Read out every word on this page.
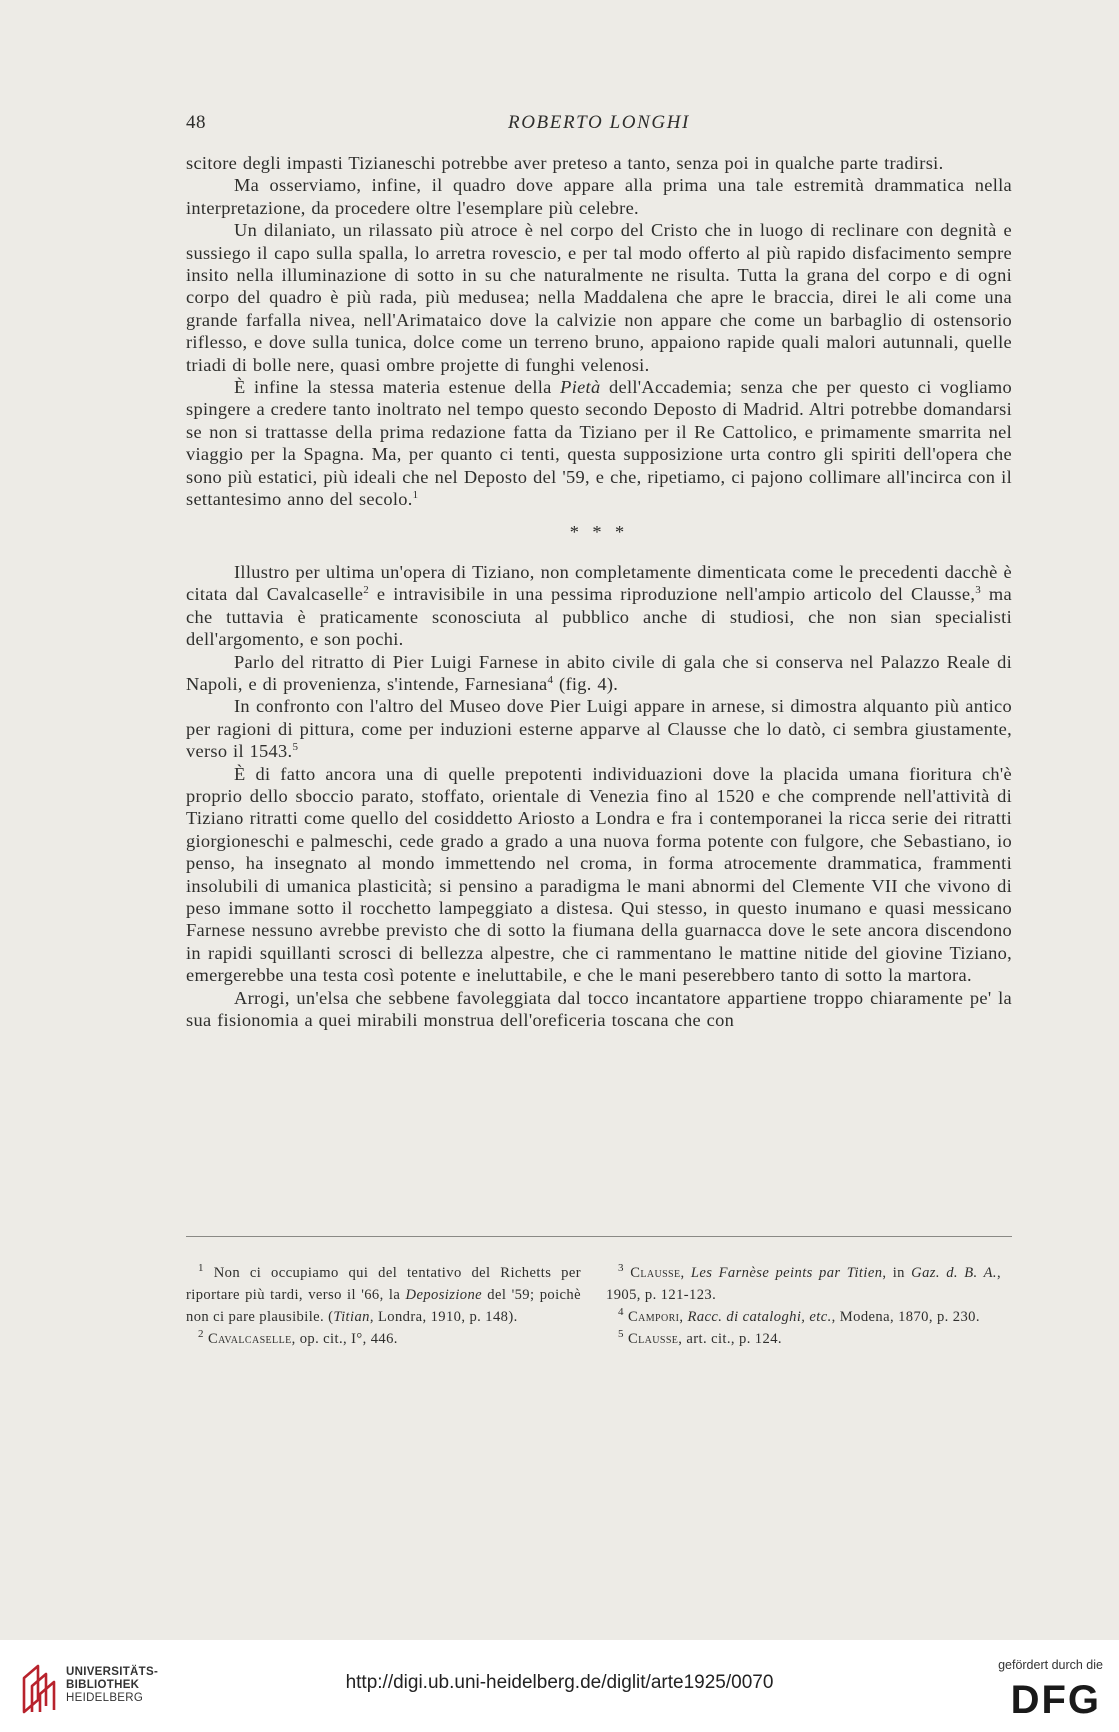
48	ROBERTO LONGHI

scitore degli impasti Tizianeschi potrebbe aver preteso a tanto, senza poi in qualche parte tradirsi.

Ma osserviamo, infine, il quadro dove appare alla prima una tale estremità drammatica nella interpretazione, da procedere oltre l'esemplare più celebre.

Un dilaniato, un rilassato più atroce è nel corpo del Cristo che in luogo di reclinare con degnità e sussiego il capo sulla spalla, lo arretra rovescio, e per tal modo offerto al più rapido disfacimento sempre insito nella illuminazione di sotto in su che naturalmente ne risulta. Tutta la grana del corpo e di ogni corpo del quadro è più rada, più medusea; nella Maddalena che apre le braccia, direi le ali come una grande farfalla nivea, nell'Arimataico dove la calvizie non appare che come un barbaglio di ostensorio riflesso, e dove sulla tunica, dolce come un terreno bruno, appaiono rapide quali malori autunnali, quelle triadi di bolle nere, quasi ombre projette di funghi velenosi.

È infine la stessa materia estenue della Pietà dell'Accademia; senza che per questo ci vogliamo spingere a credere tanto inoltrato nel tempo questo secondo Deposto di Madrid. Altri potrebbe domandarsi se non si trattasse della prima redazione fatta da Tiziano per il Re Cattolico, e primamente smarrita nel viaggio per la Spagna. Ma, per quanto ci tenti, questa supposizione urta contro gli spiriti dell'opera che sono più estatici, più ideali che nel Deposto del '59, e che, ripetiamo, ci pajono collimare all'incirca con il settantesimo anno del secolo.$^1$

* * *

Illustro per ultima un'opera di Tiziano, non completamente dimenticata come le precedenti dacchè è citata dal Cavalcaselle$^2$ e intravisibile in una pessima riproduzione nell'ampio articolo del Clausse,$^3$ ma che tuttavia è praticamente sconosciuta al pubblico anche di studiosi, che non sian specialisti dell'argomento, e son pochi.

Parlo del ritratto di Pier Luigi Farnese in abito civile di gala che si conserva nel Palazzo Reale di Napoli, e di provenienza, s'intende, Farnesiana$^4$ (fig. 4).

In confronto con l'altro del Museo dove Pier Luigi appare in arnese, si dimostra alquanto più antico per ragioni di pittura, come per induzioni esterne apparve al Clausse che lo datò, ci sembra giustamente, verso il 1543.$^5$

È di fatto ancora una di quelle prepotenti individuazioni dove la placida umana fioritura ch'è proprio dello sboccio parato, stoffato, orientale di Venezia fino al 1520 e che comprende nell'attività di Tiziano ritratti come quello del cosiddetto Ariosto a Londra e fra i contemporanei la ricca serie dei ritratti giorgioneschi e palmeschi, cede grado a grado a una nuova forma potente con fulgore, che Sebastiano, io penso, ha insegnato al mondo immettendo nel croma, in forma atrocemente drammatica, frammenti insolubili di umanica plasticità; si pensino a paradigma le mani abnormi del Clemente VII che vivono di peso immane sotto il rocchetto lampeggiato a distesa. Qui stesso, in questo inumano e quasi messicano Farnese nessuno avrebbe previsto che di sotto la fiumana della guarnacca dove le sete ancora discendono in rapidi squillanti scrosci di bellezza alpestre, che ci rammentano le mattine nitide del giovine Tiziano, emergerebbe una testa così potente e ineluttabile, e che le mani peserebbero tanto di sotto la martora.

Arrogi, un'elsa che sebbene favoleggiata dal tocco incantatore appartiene troppo chiaramente pe' la sua fisionomia a quei mirabili monstrua dell'oreficeria toscana che con

$^1$ Non ci occupiamo qui del tentativo del Richetts per riportare più tardi, verso il '66, la Deposizione del '59; poichè non ci pare plausibile. (Titian, Londra, 1910, p. 148).

$^2$ Cavalcaselle, op. cit., I°, 446.

$^3$ Clausse, Les Farnèse peints par Titien, in Gaz. d. B. A., 1905, p. 121-123.

$^4$ Campori, Racc. di cataloghi, etc., Modena, 1870, p. 230.

$^5$ Clausse, art. cit., p. 124.

UNIVERSITÄTS-
BIBLIOTHEK
HEIDELBERG
http://digi.ub.uni-heidelberg.de/diglit/arte1925/0070
gefördert durch die
DFG
